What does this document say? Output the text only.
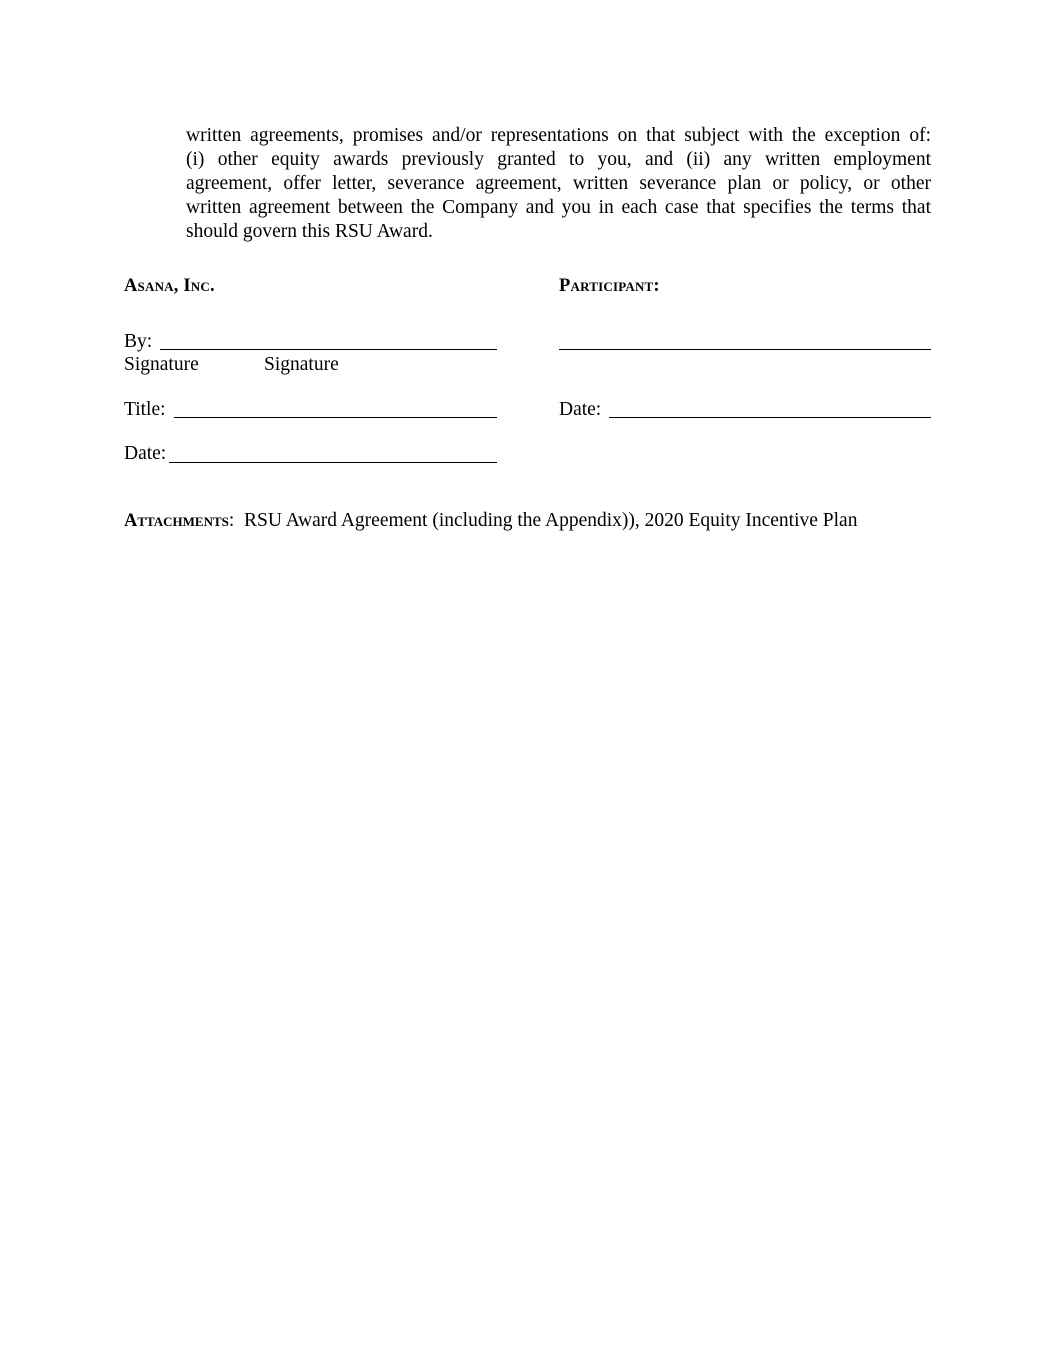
written agreements, promises and/or representations on that subject with the exception of:
(i) other equity awards previously granted to you, and (ii) any written employment
agreement, offer letter, severance agreement, written severance plan or policy, or other
written agreement between the Company and you in each case that specifies the terms that
should govern this RSU Award.
Asana, Inc.
By:
Signature	Signature
Title:
Date:
Participant:
Date:
Attachments: RSU Award Agreement (including the Appendix)), 2020 Equity Incentive Plan
